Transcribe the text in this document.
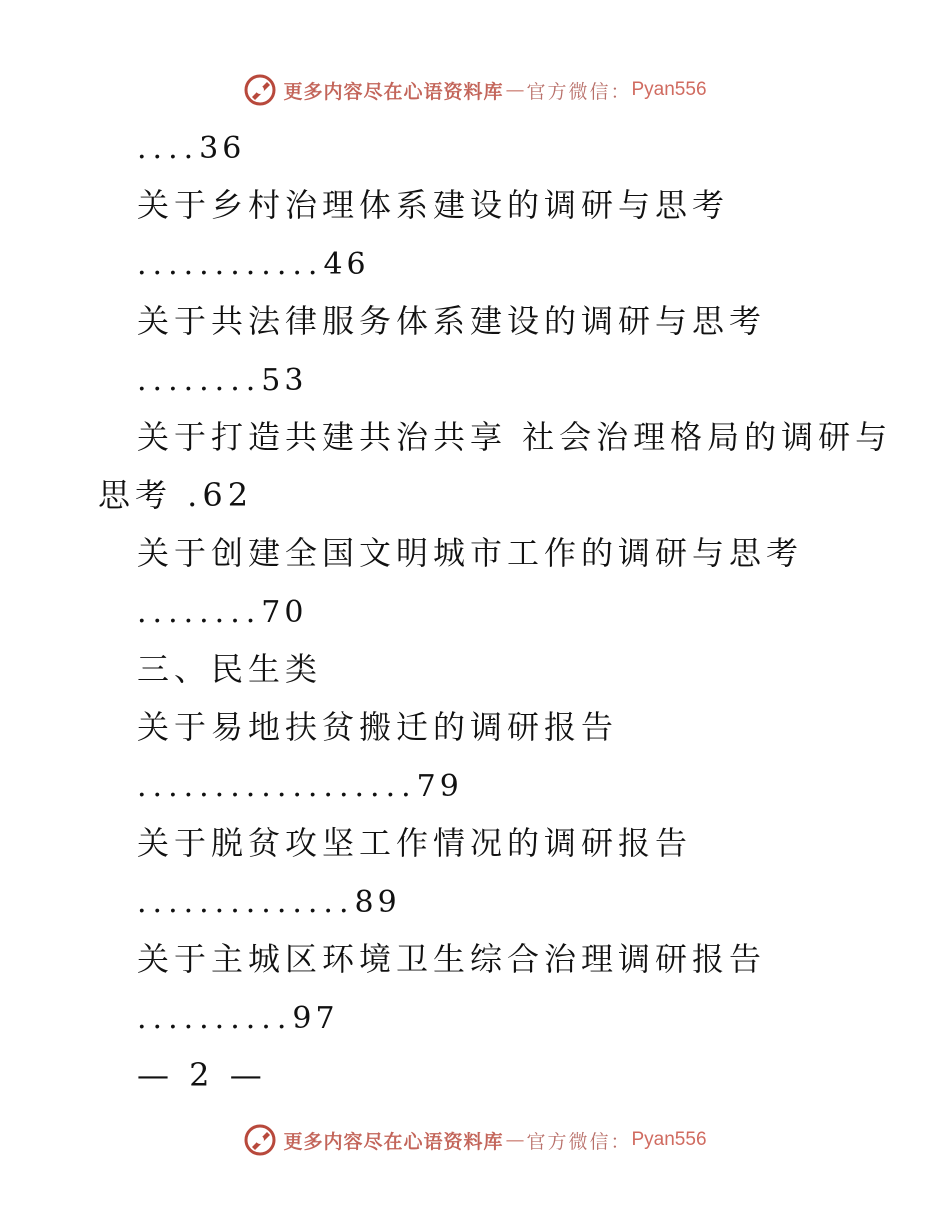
更多内容尽在心语资料库 — 官方微信： Pyan556
....36
关于乡村治理体系建设的调研与思考
............46
关于共法律服务体系建设的调研与思考
........53
关于打造共建共治共享 社会治理格局的调研与
思考 .62
关于创建全国文明城市工作的调研与思考
........70
三、民生类
关于易地扶贫搬迁的调研报告
..................79
关于脱贫攻坚工作情况的调研报告
..............89
关于主城区环境卫生综合治理调研报告
..........97
— 2 —
更多内容尽在心语资料库 — 官方微信： Pyan556
